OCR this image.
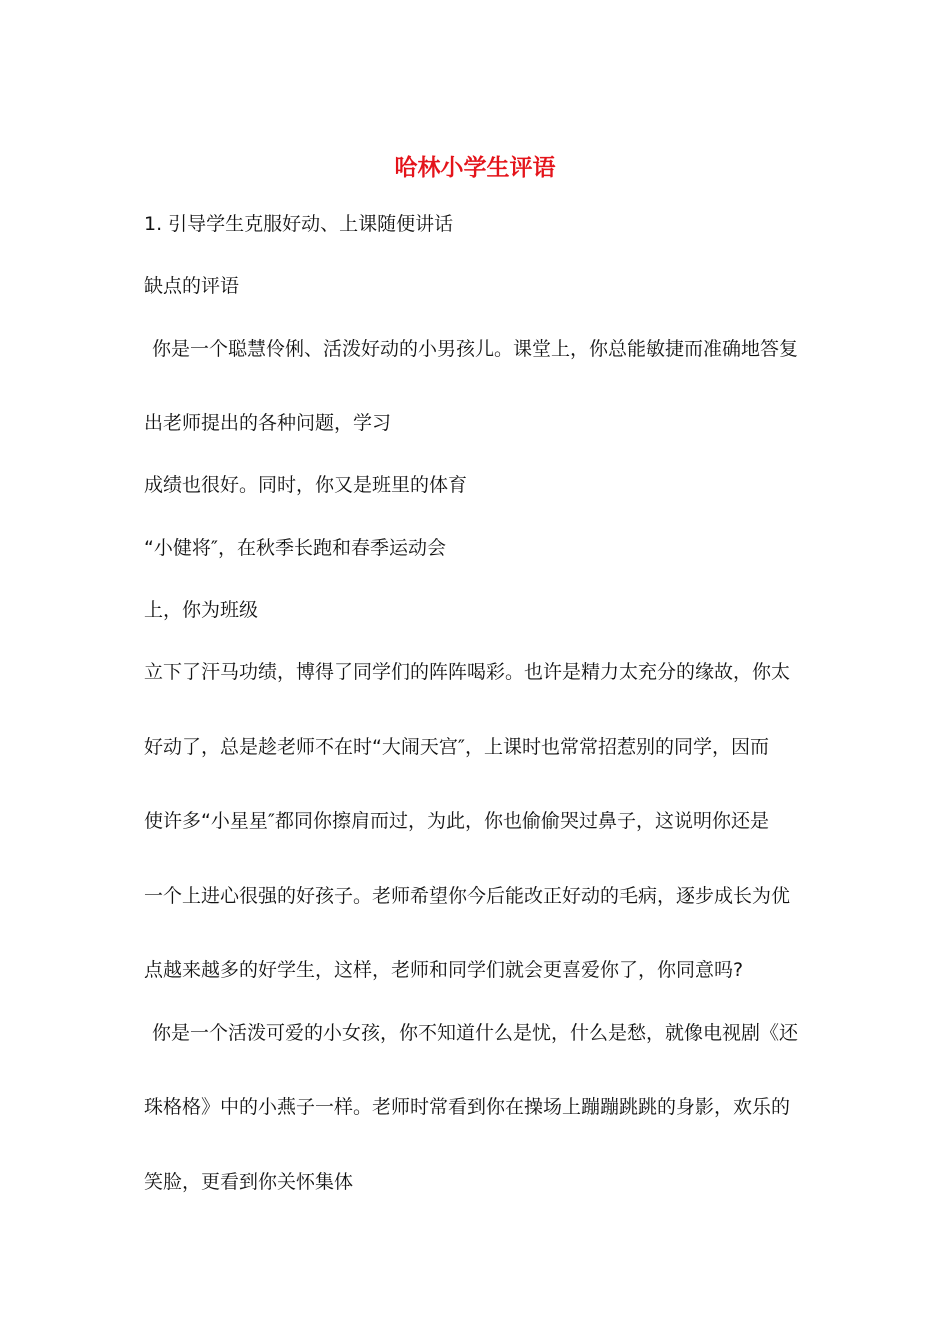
哈林小学生评语
1. 引导学生克服好动、上课随便讲话
缺点的评语
你是一个聪慧伶俐、活泼好动的小男孩儿。课堂上，你总能敏捷而准确地答复
出老师提出的各种问题，学习
成绩也很好。同时，你又是班里的体育
“小健将″，在秋季长跑和春季运动会
上，你为班级
立下了汗马功绩，博得了同学们的阵阵喝彩。也许是精力太充分的缘故，你太
好动了，总是趁老师不在时“大闹天宫″，上课时也常常招惹别的同学，因而
使许多“小星星″都同你擦肩而过，为此，你也偷偷哭过鼻子，这说明你还是
一个上进心很强的好孩子。老师希望你今后能改正好动的毛病，逐步成长为优
点越来越多的好学生，这样，老师和同学们就会更喜爱你了，你同意吗?
你是一个活泼可爱的小女孩，你不知道什么是忧，什么是愁，就像电视剧《还
珠格格》中的小燕子一样。老师时常看到你在操场上蹦蹦跳跳的身影，欢乐的
笑脸，更看到你关怀集体
